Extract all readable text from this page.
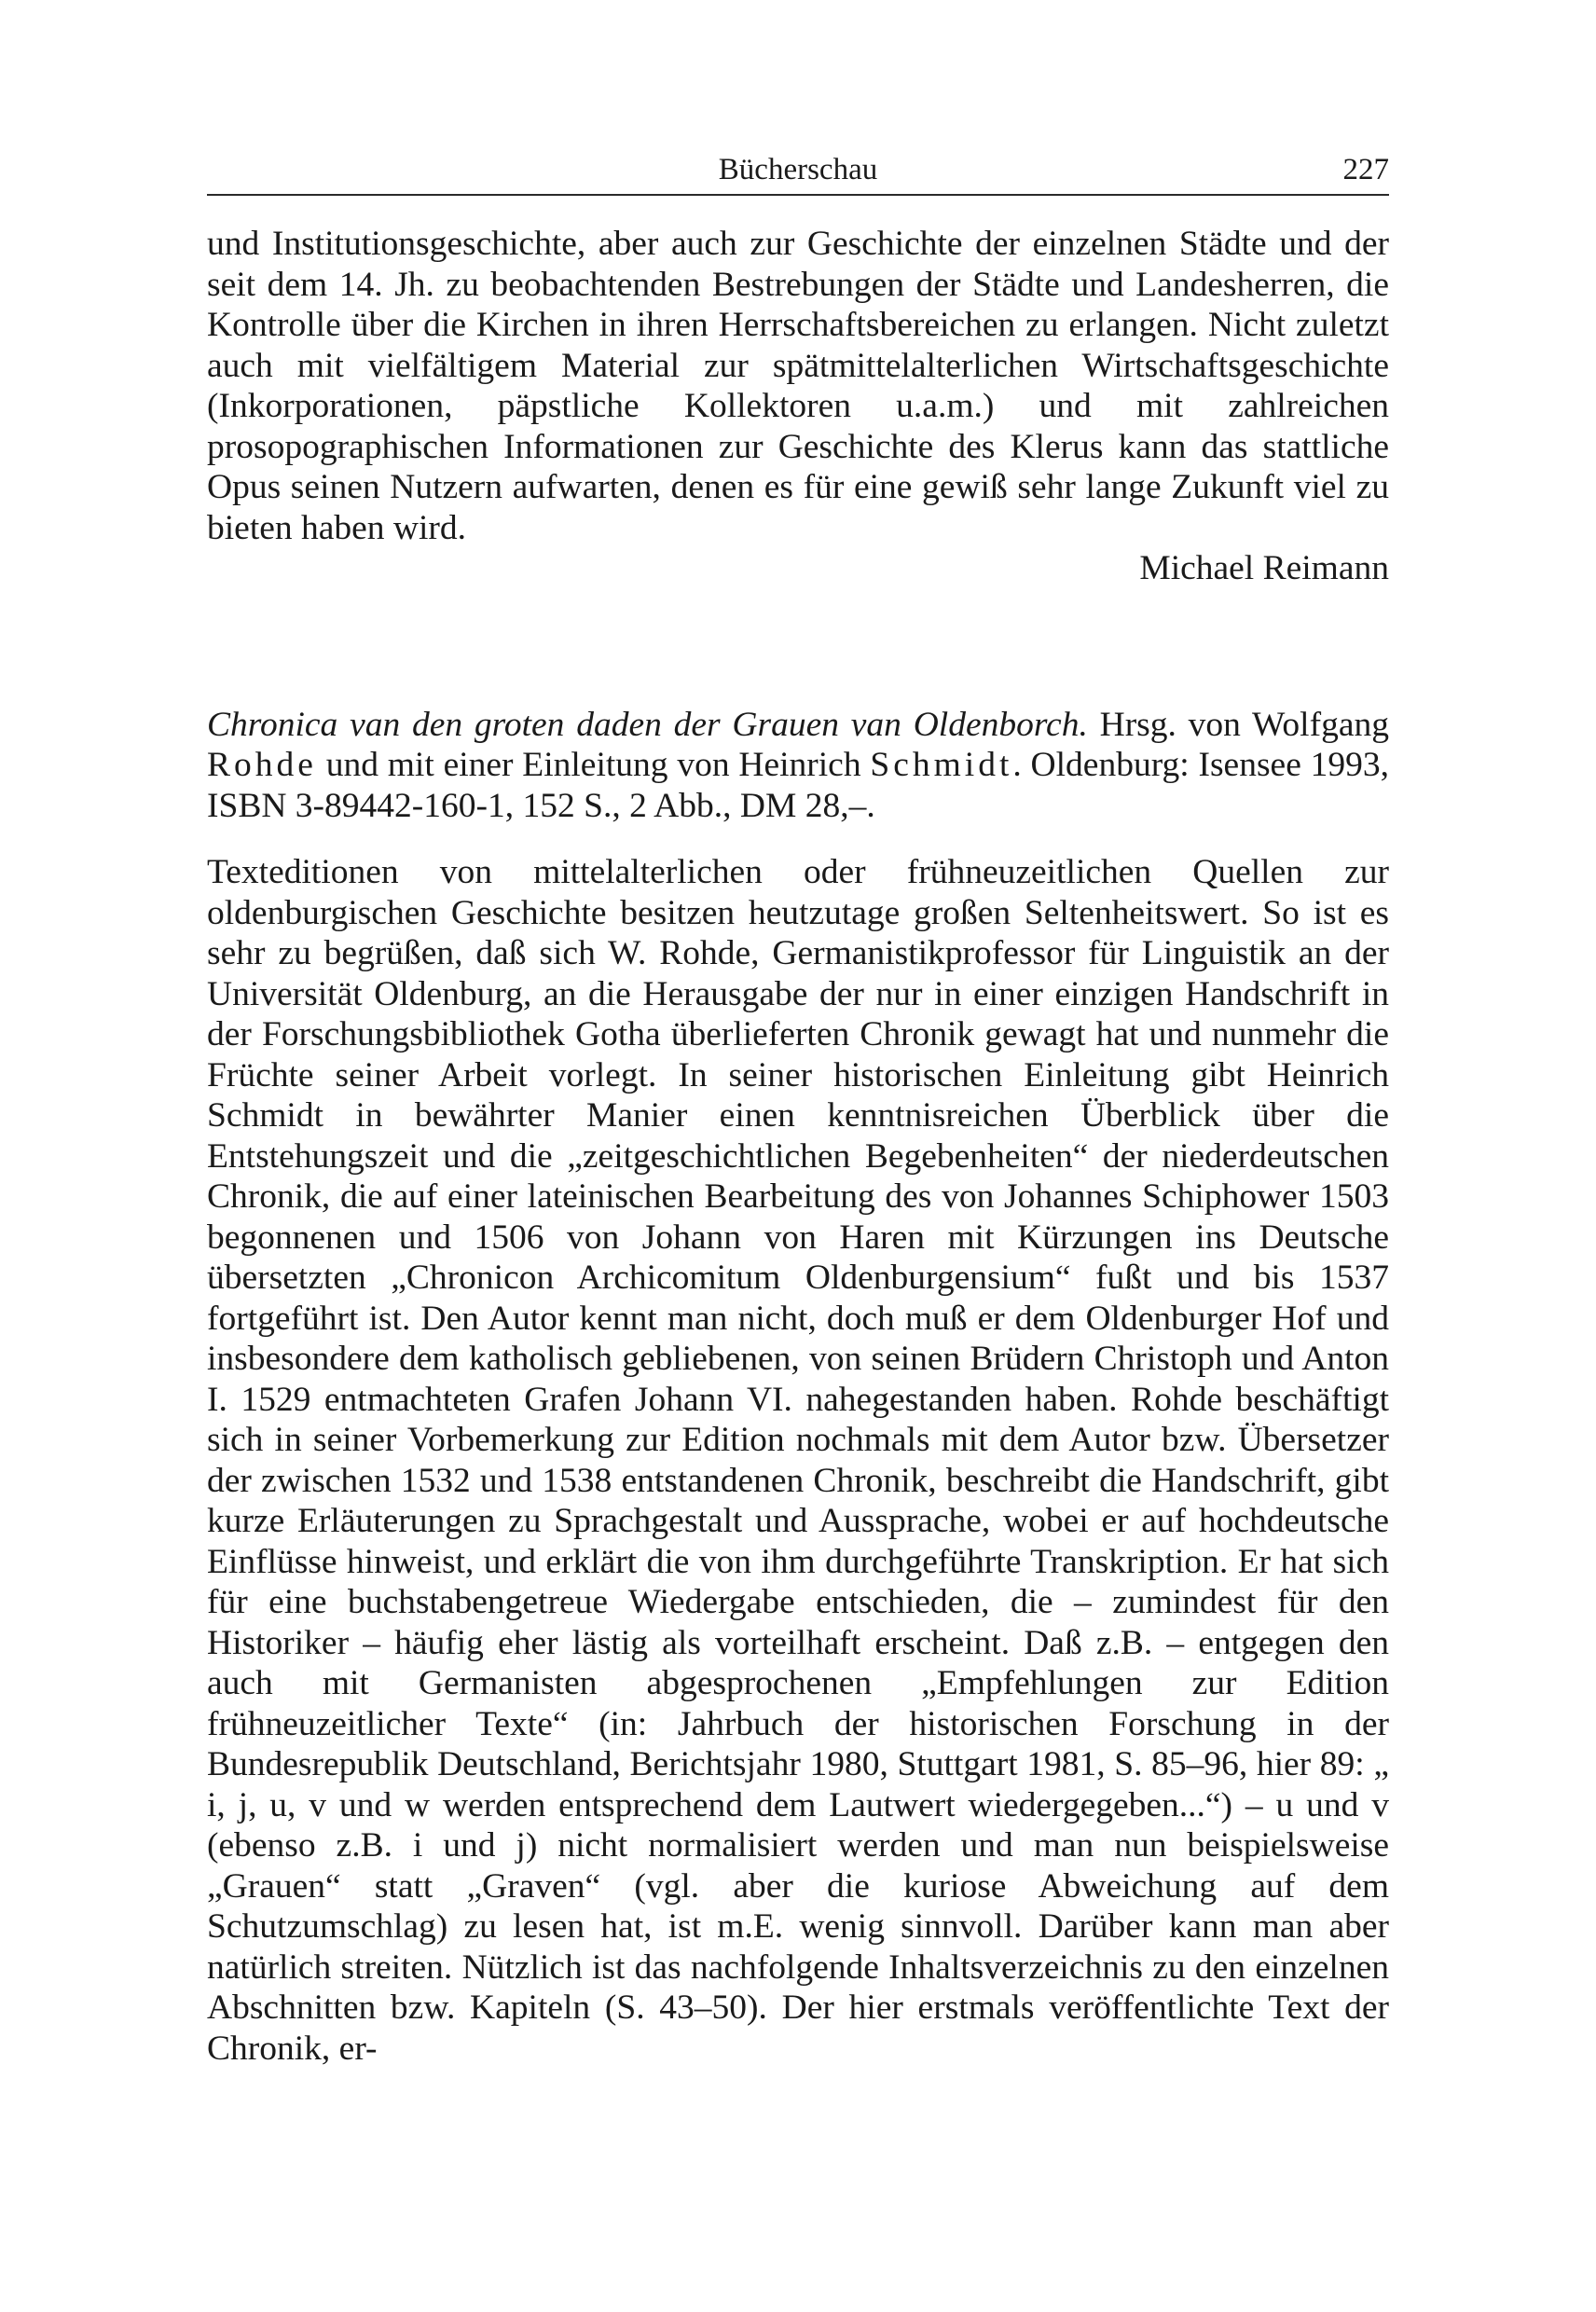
Bücherschau	227

und Institutionsgeschichte, aber auch zur Geschichte der einzelnen Städte und der seit dem 14. Jh. zu beobachtenden Bestrebungen der Städte und Landesherren, die Kontrolle über die Kirchen in ihren Herrschaftsbereichen zu erlangen. Nicht zuletzt auch mit vielfältigem Material zur spätmittelalterlichen Wirtschaftsgeschichte (Inkorporationen, päpstliche Kollektoren u.a.m.) und mit zahlreichen prosopographischen Informationen zur Geschichte des Klerus kann das stattliche Opus seinen Nutzern aufwarten, denen es für eine gewiß sehr lange Zukunft viel zu bieten haben wird.

Michael Reimann

Chronica van den groten daden der Grauen van Oldenborch. Hrsg. von Wolfgang Rohde und mit einer Einleitung von Heinrich Schmidt. Oldenburg: Isensee 1993, ISBN 3-89442-160-1, 152 S., 2 Abb., DM 28,–.

Texteditionen von mittelalterlichen oder frühneuzeitlichen Quellen zur oldenburgischen Geschichte besitzen heutzutage großen Seltenheitswert. So ist es sehr zu begrüßen, daß sich W. Rohde, Germanistikprofessor für Linguistik an der Universität Oldenburg, an die Herausgabe der nur in einer einzigen Handschrift in der Forschungsbibliothek Gotha überlieferten Chronik gewagt hat und nunmehr die Früchte seiner Arbeit vorlegt. In seiner historischen Einleitung gibt Heinrich Schmidt in bewährter Manier einen kenntnisreichen Überblick über die Entstehungszeit und die „zeitgeschichtlichen Begebenheiten“ der niederdeutschen Chronik, die auf einer lateinischen Bearbeitung des von Johannes Schiphower 1503 begonnenen und 1506 von Johann von Haren mit Kürzungen ins Deutsche übersetzten „Chronicon Archicomitum Oldenburgensium“ fußt und bis 1537 fortgeführt ist. Den Autor kennt man nicht, doch muß er dem Oldenburger Hof und insbesondere dem katholisch gebliebenen, von seinen Brüdern Christoph und Anton I. 1529 entmachteten Grafen Johann VI. nahegestanden haben. Rohde beschäftigt sich in seiner Vorbemerkung zur Edition nochmals mit dem Autor bzw. Übersetzer der zwischen 1532 und 1538 entstandenen Chronik, beschreibt die Handschrift, gibt kurze Erläuterungen zu Sprachgestalt und Aussprache, wobei er auf hochdeutsche Einflüsse hinweist, und erklärt die von ihm durchgeführte Transkription. Er hat sich für eine buchstabengetreue Wiedergabe entschieden, die – zumindest für den Historiker – häufig eher lästig als vorteilhaft erscheint. Daß z.B. – entgegen den auch mit Germanisten abgesprochenen „Empfehlungen zur Edition frühneuzeitlicher Texte“ (in: Jahrbuch der historischen Forschung in der Bundesrepublik Deutschland, Berichtsjahr 1980, Stuttgart 1981, S. 85–96, hier 89: „ i, j, u, v und w werden entsprechend dem Lautwert wiedergegeben...“) – u und v (ebenso z.B. i und j) nicht normalisiert werden und man nun beispielsweise „Grauen“ statt „Graven“ (vgl. aber die kuriose Abweichung auf dem Schutzumschlag) zu lesen hat, ist m.E. wenig sinnvoll. Darüber kann man aber natürlich streiten. Nützlich ist das nachfolgende Inhaltsverzeichnis zu den einzelnen Abschnitten bzw. Kapiteln (S. 43–50). Der hier erstmals veröffentlichte Text der Chronik, er-
